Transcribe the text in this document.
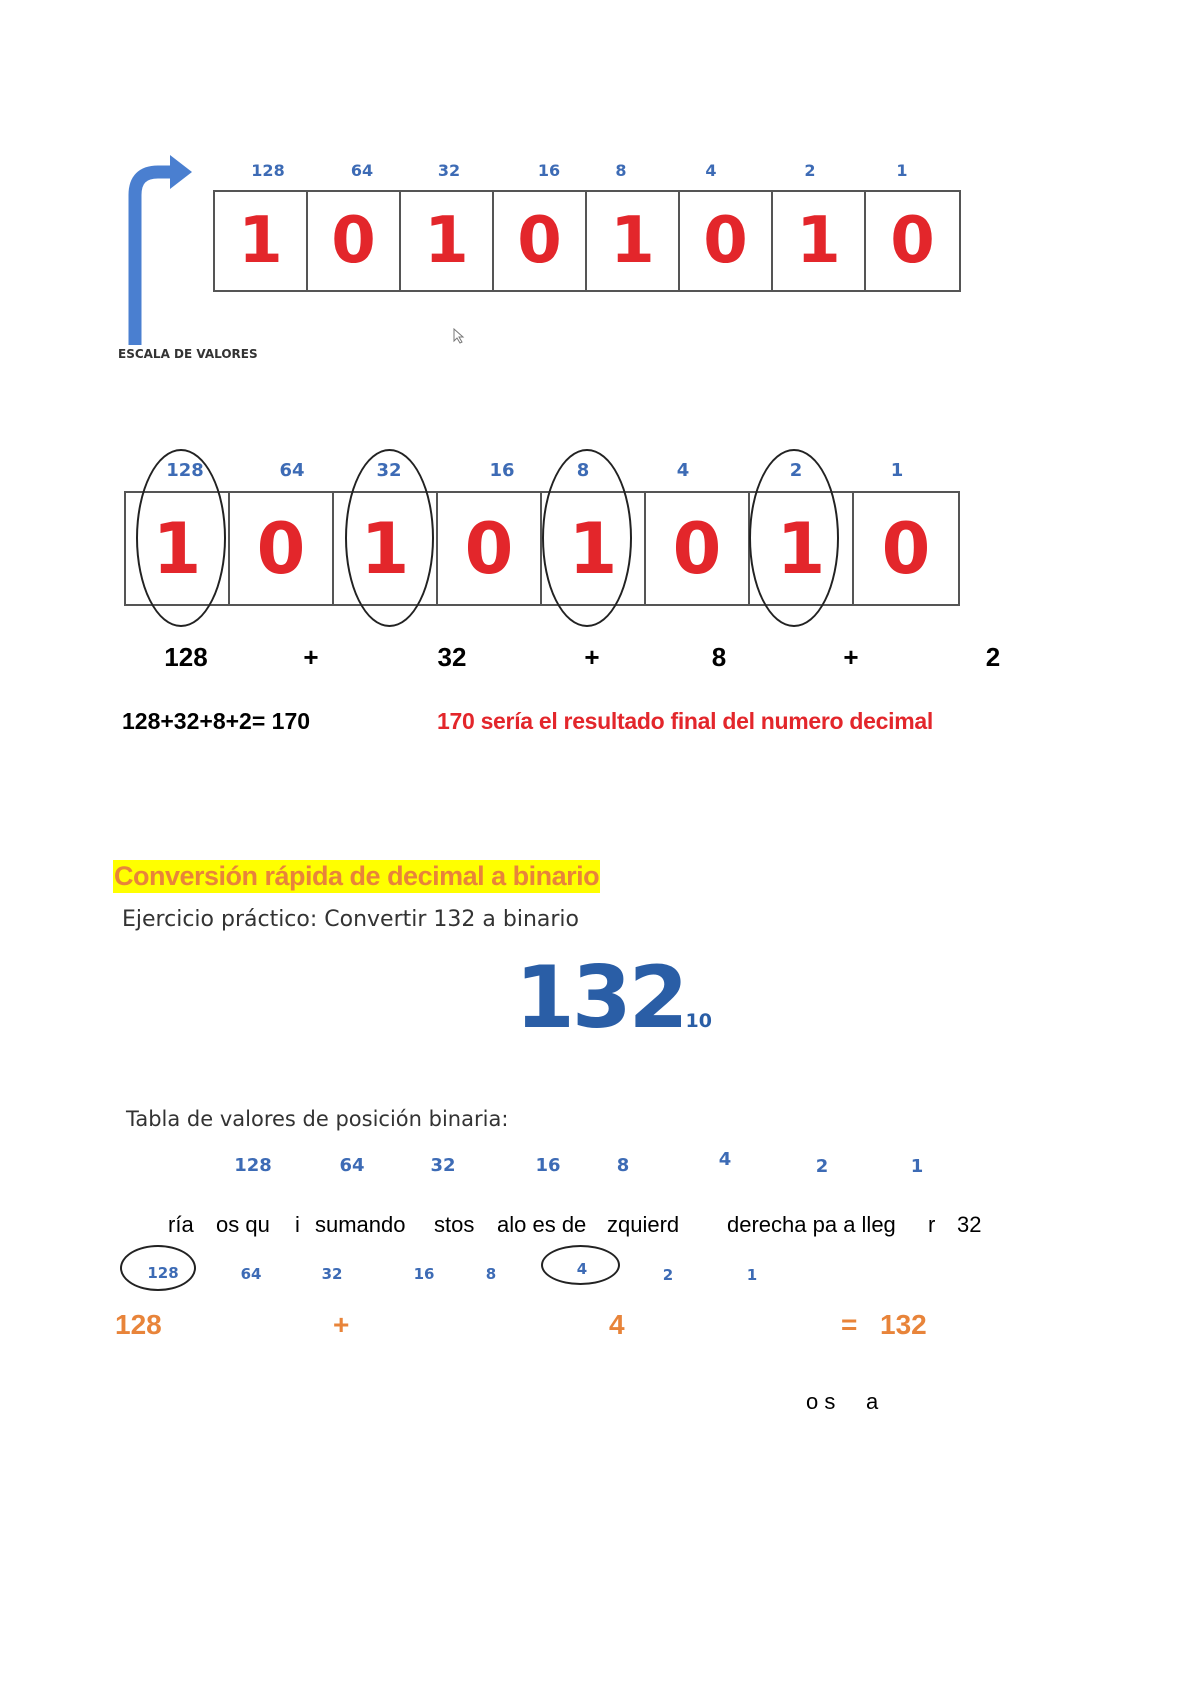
ESCALA DE VALORES
128	64	32	16	8	4	2	1
1 0 1 0 1 0 1 0
128	64	32	16	8	4	2	1
1 0 1 0 1 0 1 0
128	+	32	+	8	+	2
128+32+8+2= 170	170 sería el resultado final del numero decimal
Conversión rápida de decimal a binario
Ejercicio práctico: Convertir 132 a binario
13210
Tabla de valores de posición binaria:
128	64	32	16	8	4	2	1
ría os qu i sumando stos alo es de zquierd derecha pa a lleg r 32
128	64	32	16	8	4	2	1
128	+	4	= 132
o s a
